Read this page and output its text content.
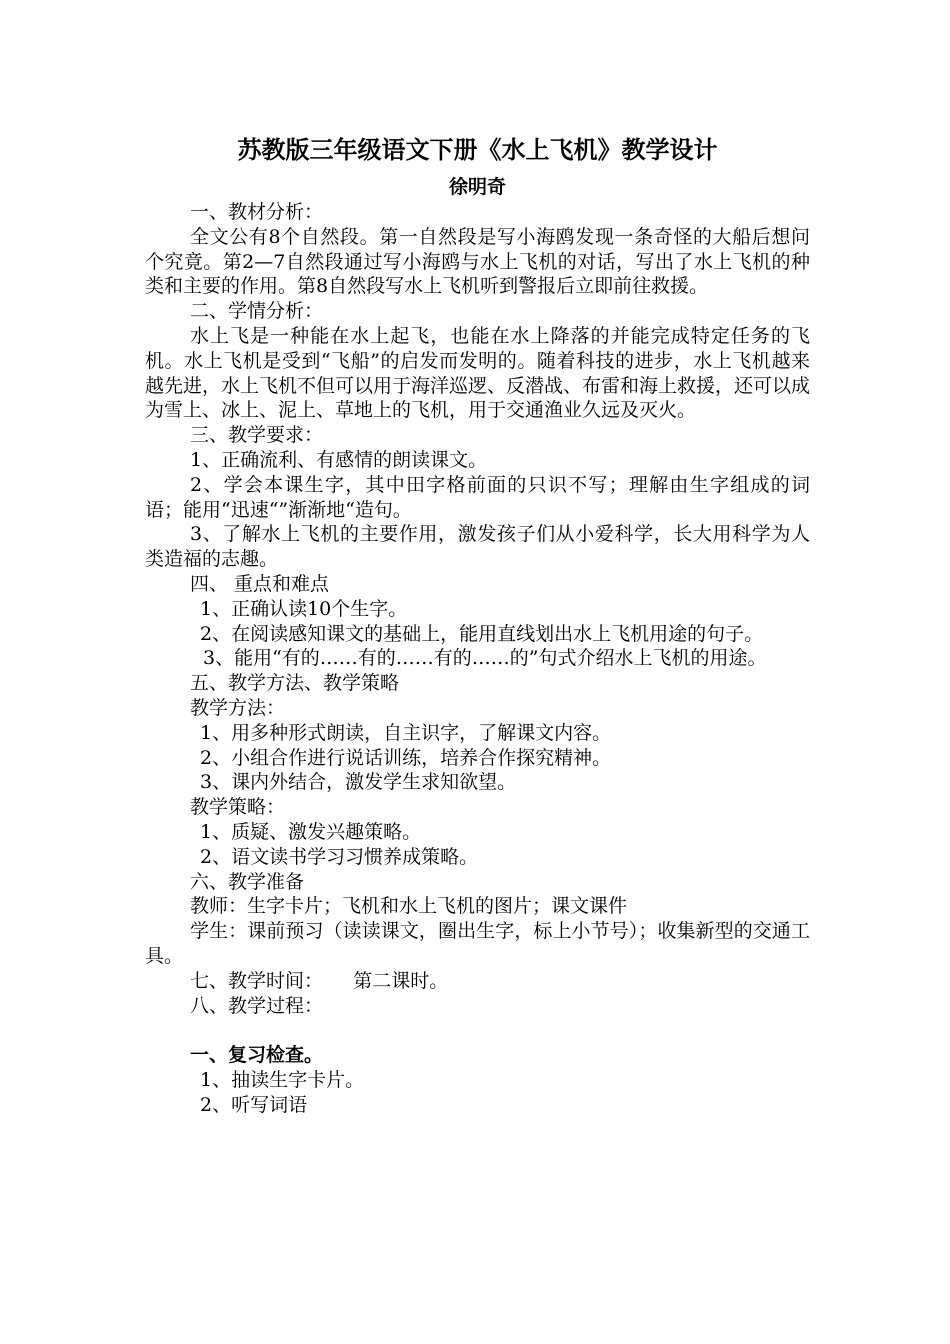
苏教版三年级语文下册《水上飞机》教学设计
徐明奇

一、教材分析：

全文公有8个自然段。第一自然段是写小海鸥发现一条奇怪的大船后想问个究竟。第2—7自然段通过写小海鸥与水上飞机的对话，写出了水上飞机的种类和主要的作用。第8自然段写水上飞机听到警报后立即前往救援。

二、学情分析：

水上飞是一种能在水上起飞，也能在水上降落的并能完成特定任务的飞机。水上飞机是受到“飞船”的启发而发明的。随着科技的进步，水上飞机越来越先进，水上飞机不但可以用于海洋巡逻、反潜战、布雷和海上救援，还可以成为雪上、冰上、泥上、草地上的飞机，用于交通渔业久远及灭火。

三、教学要求：

1、正确流利、有感情的朗读课文。

2、学会本课生字，其中田字格前面的只识不写；理解由生字组成的词语；能用“迅速“”渐渐地“造句。

3、了解水上飞机的主要作用，激发孩子们从小爱科学，长大用科学为人类造福的志趣。

四、 重点和难点

1、正确认读10个生字。

2、在阅读感知课文的基础上，能用直线划出水上飞机用途的句子。

3、能用“有的……有的……有的……的”句式介绍水上飞机的用途。

五、教学方法、教学策略

教学方法：

1、用多种形式朗读，自主识字，了解课文内容。

2、小组合作进行说话训练，培养合作探究精神。

3、课内外结合，激发学生求知欲望。

教学策略：

1、质疑、激发兴趣策略。

2、语文读书学习习惯养成策略。

六、教学准备

教师：生字卡片；飞机和水上飞机的图片；课文课件

学生：课前预习（读读课文，圈出生字，标上小节号）；收集新型的交通工具。

七、教学时间：     第二课时。

八、教学过程：

一、复习检查。

1、抽读生字卡片。

2、听写词语
